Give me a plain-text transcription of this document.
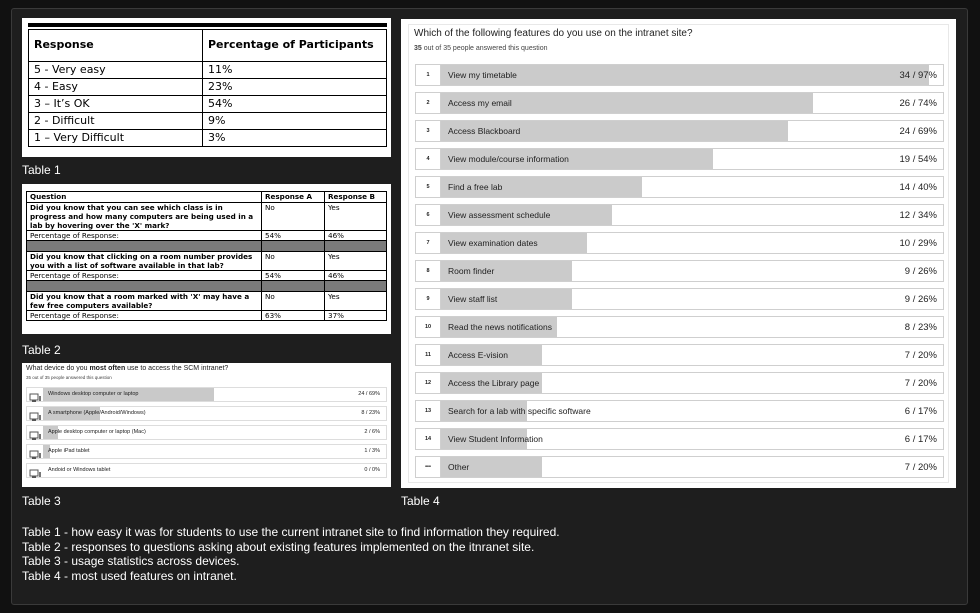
Response	Percentage of Participants
5 - Very easy	11%
4 - Easy	23%
3 – It’s OK	54%
2 - Difficult	9%
1 – Very Difficult	3%
Table 1
Question	Response A	Response B
Did you know that you can see which class is in progress and how many computers are being used in a lab by hovering over the 'X' mark?	No	Yes
Percentage of Response:	54%	46%

Did you know that clicking on a room number provides you with a list of software available in that lab?	No	Yes
Percentage of Response:	54%	46%

Did you know that a room marked with 'X' may have a few free computers available?	No	Yes
Percentage of Response:	63%	37%
Table 2
What device do you most often use to access the SCM intranet?
35 out of 35 people answered this question
Windows desktop computer or laptop	24 / 69%
A smartphone (Apple/Android/Windows)	8 / 23%
Apple desktop computer or laptop (Mac)	2 / 6%
Apple iPad tablet	1 / 3%
Andoid or Windows tablet	0 / 0%
Table 3
Which of the following features do you use on the intranet site?
35 out of 35 people answered this question
1	View my timetable	34 / 97%
2	Access my email	26 / 74%
3	Access Blackboard	24 / 69%
4	View module/course information	19 / 54%
5	Find a free lab	14 / 40%
6	View assessment schedule	12 / 34%
7	View examination dates	10 / 29%
8	Room finder	9 / 26%
9	View staff list	9 / 26%
10	Read the news notifications	8 / 23%
11	Access E-vision	7 / 20%
12	Access the Library page	7 / 20%
13	Search for a lab with specific software	6 / 17%
14	View Student Information	6 / 17%
•••	Other	7 / 20%
Table 4
Table 1 - how easy it was for students to use the current intranet site to find information they required.
Table 2 - responses to questions asking about existing features implemented on the itnranet site.
Table 3 - usage statistics across devices.
Table 4 - most used features on intranet.
